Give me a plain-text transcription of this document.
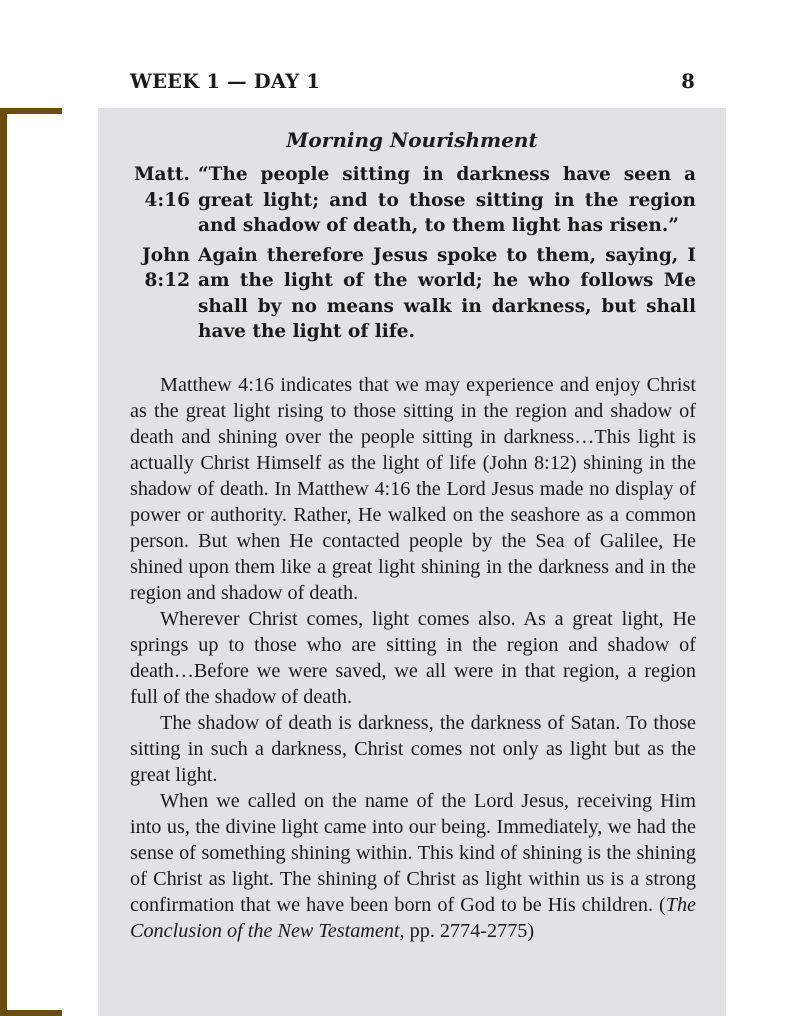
WEEK 1 — DAY 1	8
Morning Nourishment
Matt.
4:16
“The people sitting in darkness have seen a great light; and to those sitting in the region and shadow of death, to them light has risen.”
John
8:12
Again therefore Jesus spoke to them, saying, I am the light of the world; he who follows Me shall by no means walk in darkness, but shall have the light of life.

Matthew 4:16 indicates that we may experience and enjoy Christ as the great light rising to those sitting in the region and shadow of death and shining over the people sitting in darkness…This light is actually Christ Himself as the light of life (John 8:12) shining in the shadow of death. In Matthew 4:16 the Lord Jesus made no display of power or authority. Rather, He walked on the seashore as a common person. But when He contacted people by the Sea of Galilee, He shined upon them like a great light shining in the darkness and in the region and shadow of death.

Wherever Christ comes, light comes also. As a great light, He springs up to those who are sitting in the region and shadow of death…Before we were saved, we all were in that region, a region full of the shadow of death.

The shadow of death is darkness, the darkness of Satan. To those sitting in such a darkness, Christ comes not only as light but as the great light.

When we called on the name of the Lord Jesus, receiving Him into us, the divine light came into our being. Immediately, we had the sense of something shining within. This kind of shining is the shining of Christ as light. The shining of Christ as light within us is a strong confirmation that we have been born of God to be His children. (The Conclusion of the New Testament, pp. 2774-2775)
